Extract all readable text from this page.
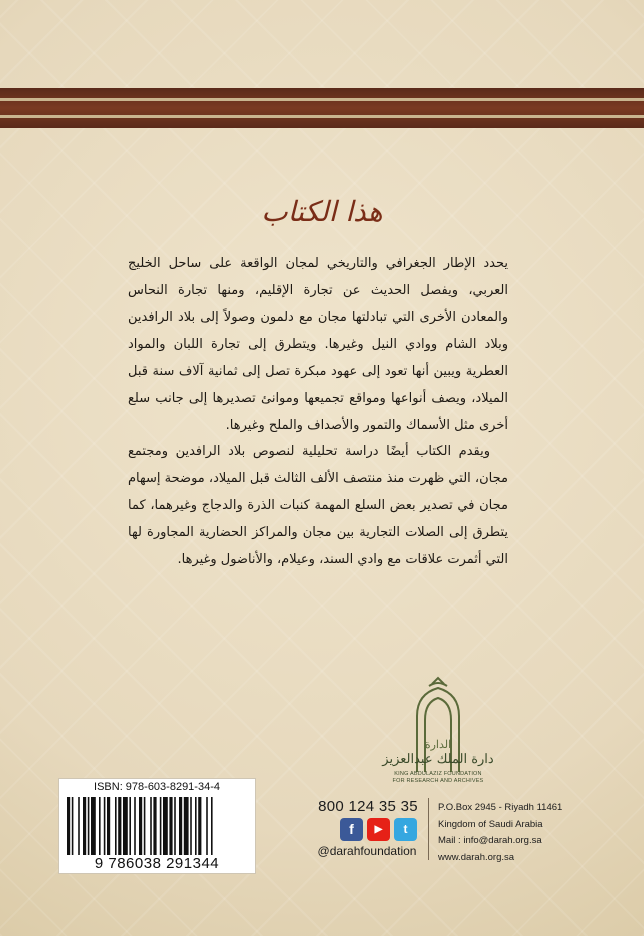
هذا الكتاب

يحدد الإطار الجغرافي والتاريخي لمجان الواقعة على ساحل الخليج العربي، ويفصل الحديث عن تجارة الإقليم، ومنها تجارة النحاس والمعادن الأخرى التي تبادلتها مجان مع دلمون وصولاً إلى بلاد الرافدين وبلاد الشام ووادي النيل وغيرها. ويتطرق إلى تجارة اللبان والمواد العطرية ويبين أنها تعود إلى عهود مبكرة تصل إلى ثمانية آلاف سنة قبل الميلاد، ويصف أنواعها ومواقع تجميعها وموانئ تصديرها إلى جانب سلع أخرى مثل الأسماك والتمور والأصداف والملح وغيرها.

ويقدم الكتاب أيضًا دراسة تحليلية لنصوص بلاد الرافدين ومجتمع مجان، التي ظهرت منذ منتصف الألف الثالث قبل الميلاد، موضحة إسهام مجان في تصدير بعض السلع المهمة كنبات الذرة والدجاج وغيرهما، كما يتطرق إلى الصلات التجارية بين مجان والمراكز الحضارية المجاورة لها التي أثمرت علاقات مع وادي السند، وعيلام، والأناضول وغيرها.

الدارة
دارة الملك عبدالعزيز
KING ABDULAZIZ FOUNDATION
FOR RESEARCH AND ARCHIVES
ISBN: 978-603-8291-34-4
9 786038 291344
800 124 35 35
f	▶	t
@darahfoundation
P.O.Box 2945 - Riyadh 11461
Kingdom of Saudi Arabia
Mail : info@darah.org.sa
www.darah.org.sa
